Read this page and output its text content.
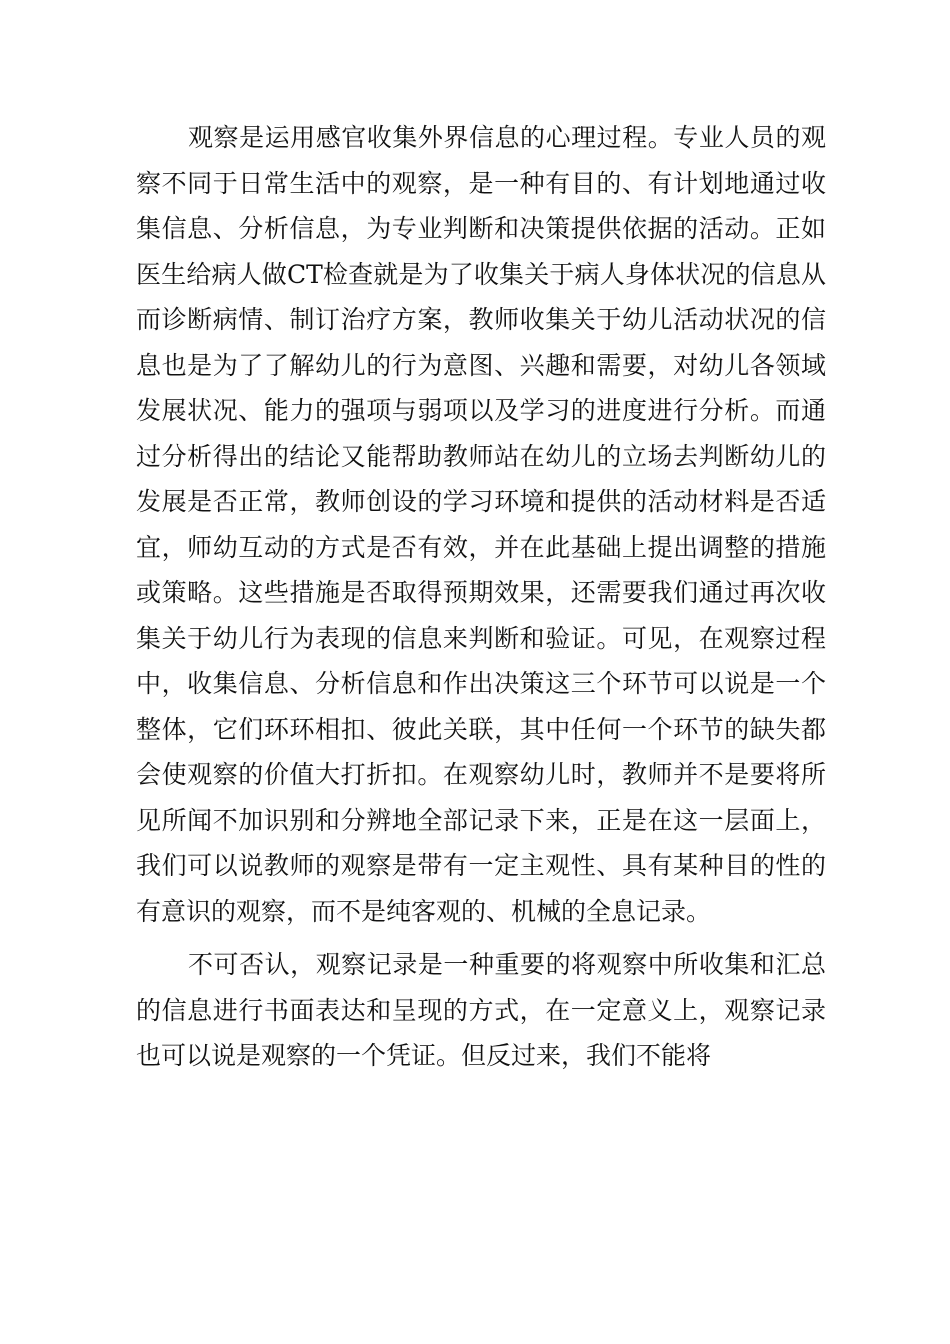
观察是运用感官收集外界信息的心理过程。专业人员的观察不同于日常生活中的观察，是一种有目的、有计划地通过收集信息、分析信息，为专业判断和决策提供依据的活动。正如医生给病人做CT检查就是为了收集关于病人身体状况的信息从而诊断病情、制订治疗方案，教师收集关于幼儿活动状况的信息也是为了了解幼儿的行为意图、兴趣和需要，对幼儿各领域发展状况、能力的强项与弱项以及学习的进度进行分析。而通过分析得出的结论又能帮助教师站在幼儿的立场去判断幼儿的发展是否正常，教师创设的学习环境和提供的活动材料是否适宜，师幼互动的方式是否有效，并在此基础上提出调整的措施或策略。这些措施是否取得预期效果，还需要我们通过再次收集关于幼儿行为表现的信息来判断和验证。可见，在观察过程中，收集信息、分析信息和作出决策这三个环节可以说是一个整体，它们环环相扣、彼此关联，其中任何一个环节的缺失都会使观察的价值大打折扣。在观察幼儿时，教师并不是要将所见所闻不加识别和分辨地全部记录下来，正是在这一层面上，我们可以说教师的观察是带有一定主观性、具有某种目的性的有意识的观察，而不是纯客观的、机械的全息记录。

不可否认，观察记录是一种重要的将观察中所收集和汇总的信息进行书面表达和呈现的方式，在一定意义上，观察记录也可以说是观察的一个凭证。但反过来，我们不能将
